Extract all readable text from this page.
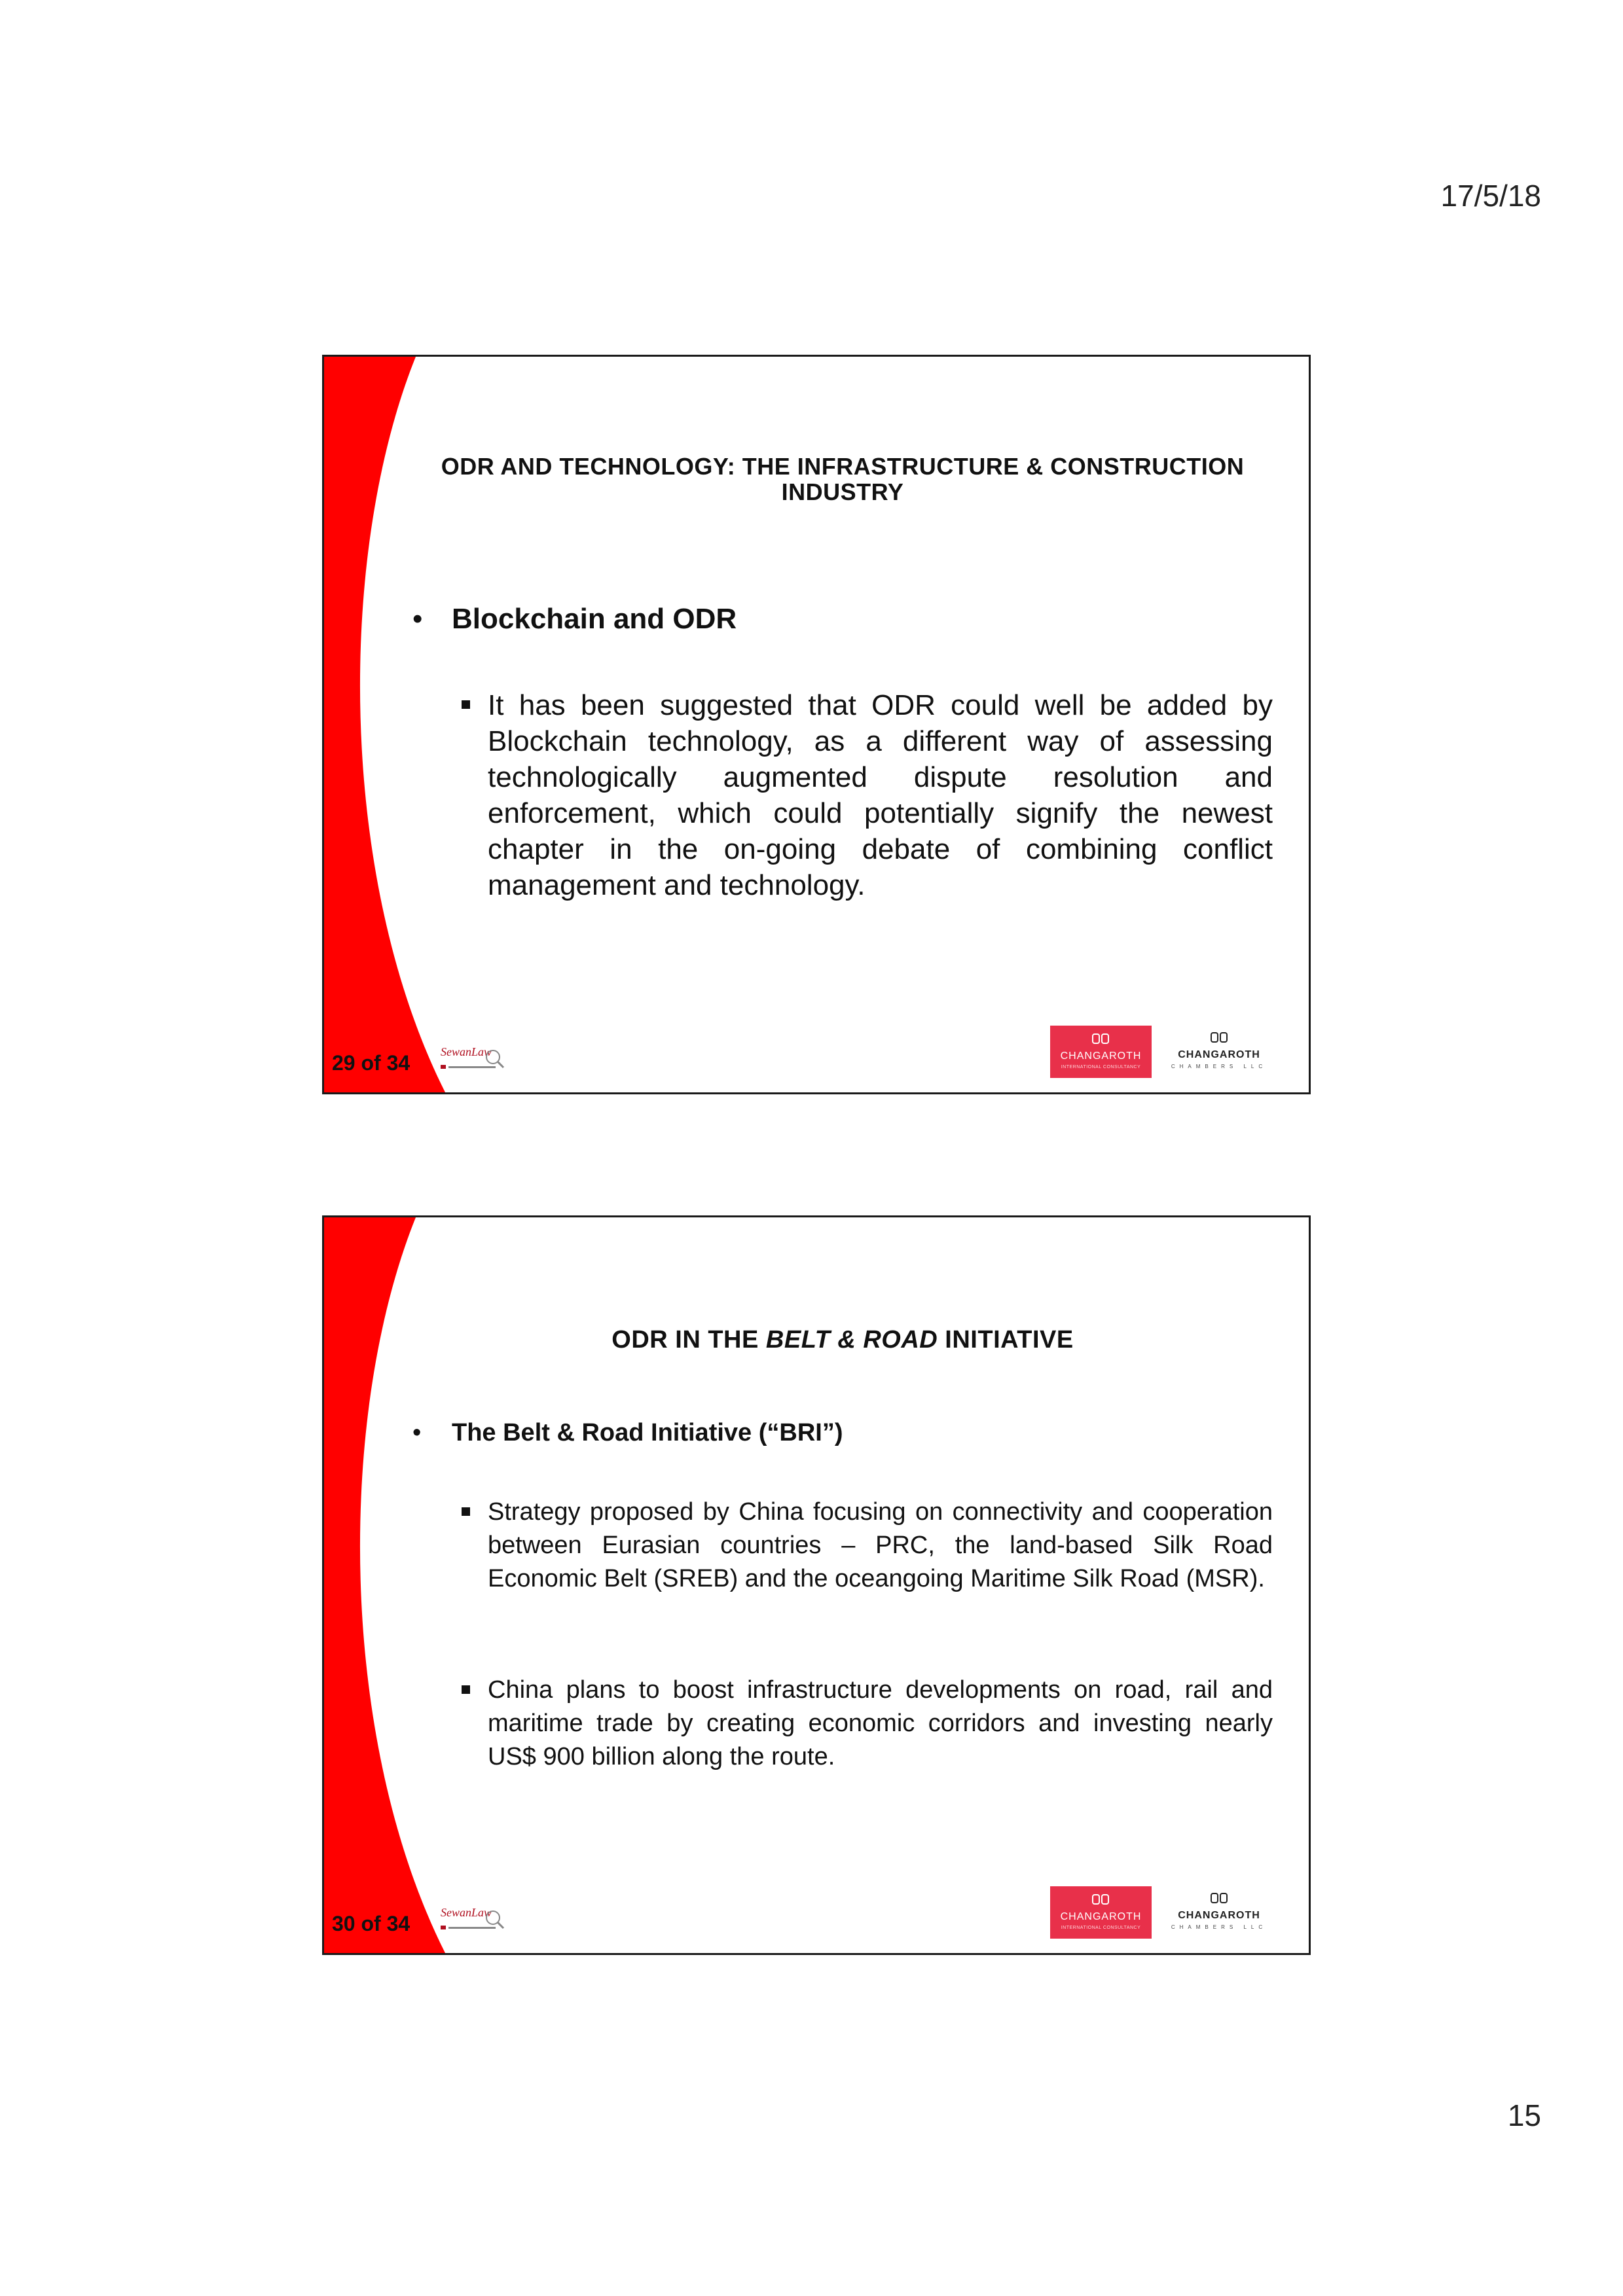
17/5/18
ODR AND TECHNOLOGY: THE INFRASTRUCTURE & CONSTRUCTION INDUSTRY
• Blockchain and ODR
It has been suggested that ODR could well be added by Blockchain technology, as a different way of assessing technologically augmented dispute resolution and enforcement, which could potentially signify the newest chapter in the on-going debate of combining conflict management and technology.
29 of 34	SewanLaw	CHANGAROTH
INTERNATIONAL CONSULTANCY
CHANGAROTH
CHAMBERS LLC
ODR IN THE BELT & ROAD INITIATIVE
• The Belt & Road Initiative (“BRI”)
Strategy proposed by China focusing on connectivity and cooperation between Eurasian countries – PRC, the land-based Silk Road Economic Belt (SREB) and the oceangoing Maritime Silk Road (MSR).
China plans to boost infrastructure developments on road, rail and maritime trade by creating economic corridors and investing nearly US$ 900 billion along the route.
30 of 34	SewanLaw	CHANGAROTH
INTERNATIONAL CONSULTANCY
CHANGAROTH
CHAMBERS LLC
15
